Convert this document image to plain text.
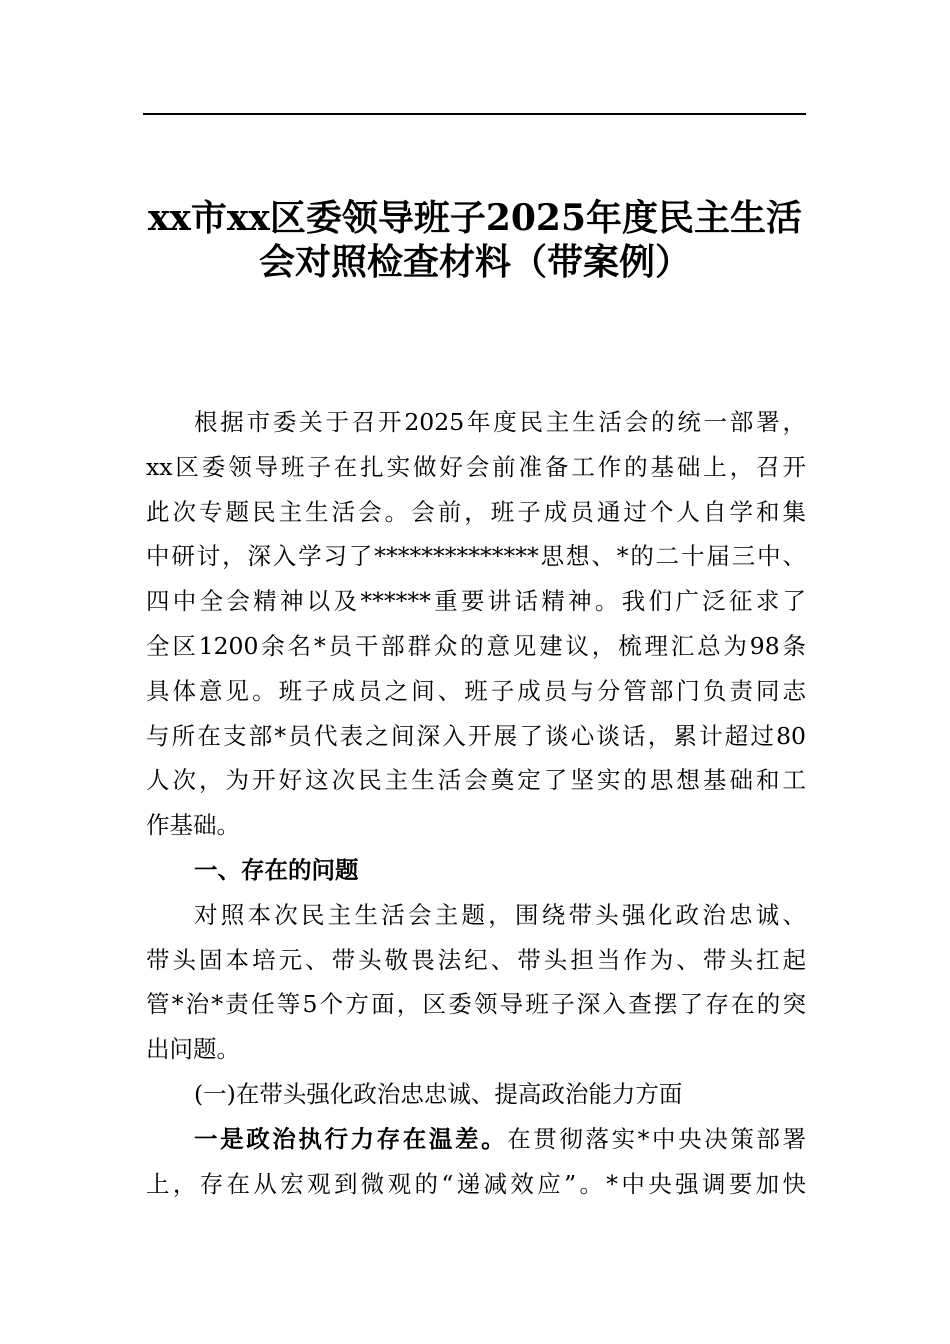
xx市xx区委领导班子2025年度民主生活
会对照检查材料（带案例）
根据市委关于召开2025年度民主生活会的统一部署，
xx区委领导班子在扎实做好会前准备工作的基础上，召开
此次专题民主生活会。会前，班子成员通过个人自学和集
中研讨，深入学习了**************思想、*的二十届三中、
四中全会精神以及******重要讲话精神。我们广泛征求了
全区1200余名*员干部群众的意见建议，梳理汇总为98条
具体意见。班子成员之间、班子成员与分管部门负责同志
与所在支部*员代表之间深入开展了谈心谈话，累计超过80
人次，为开好这次民主生活会奠定了坚实的思想基础和工
作基础。
一、存在的问题
对照本次民主生活会主题，围绕带头强化政治忠诚、
带头固本培元、带头敬畏法纪、带头担当作为、带头扛起
管*治*责任等5个方面，区委领导班子深入查摆了存在的突
出问题。
(一)在带头强化政治忠忠诚、提高政治能力方面
一是政治执行力存在温差。在贯彻落实*中央决策部署
上，存在从宏观到微观的“递减效应”。*中央强调要加快
